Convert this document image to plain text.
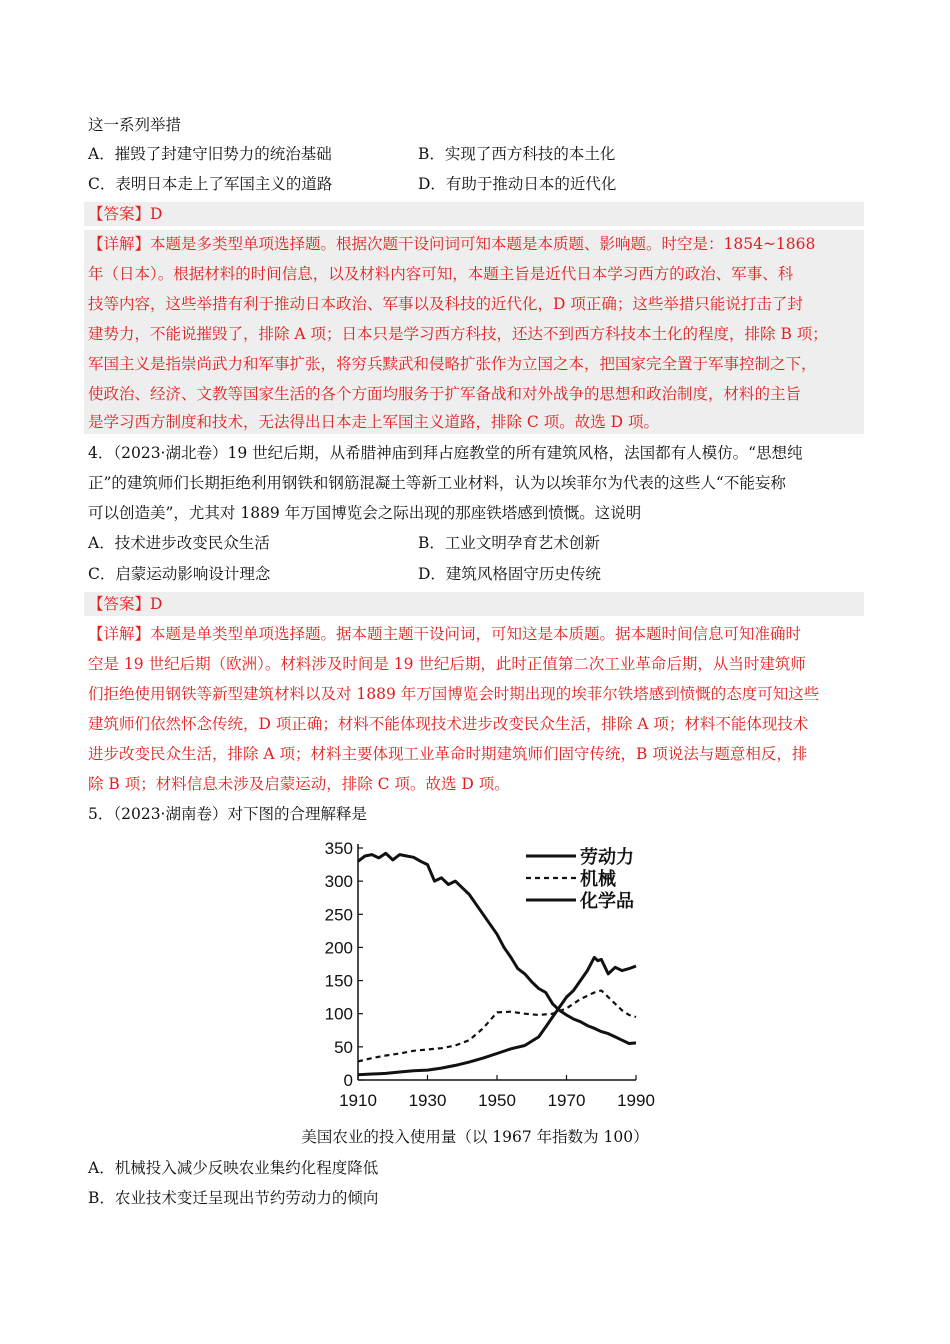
这一系列举措
A．摧毁了封建守旧势力的统治基础	B．实现了西方科技的本土化
C．表明日本走上了军国主义的道路	D．有助于推动日本的近代化
【答案】D
【详解】本题是多类型单项选择题。根据次题干设问词可知本题是本质题、影响题。时空是：1854~1868
年（日本）。根据材料的时间信息，以及材料内容可知，本题主旨是近代日本学习西方的政治、军事、科
技等内容，这些举措有利于推动日本政治、军事以及科技的近代化，D 项正确；这些举措只能说打击了封
建势力，不能说摧毁了，排除 A 项；日本只是学习西方科技，还达不到西方科技本土化的程度，排除 B 项；
军国主义是指崇尚武力和军事扩张，将穷兵黩武和侵略扩张作为立国之本，把国家完全置于军事控制之下，
使政治、经济、文教等国家生活的各个方面均服务于扩军备战和对外战争的思想和政治制度，材料的主旨
是学习西方制度和技术，无法得出日本走上军国主义道路，排除 C 项。故选 D 项。
4．（2023·湖北卷）19 世纪后期，从希腊神庙到拜占庭教堂的所有建筑风格，法国都有人模仿。“思想纯
正”的建筑师们长期拒绝利用钢铁和钢筋混凝土等新工业材料，认为以埃菲尔为代表的这些人“不能妄称
可以创造美”，尤其对 1889 年万国博览会之际出现的那座铁塔感到愤慨。这说明
A．技术进步改变民众生活	B．工业文明孕育艺术创新
C．启蒙运动影响设计理念	D．建筑风格固守历史传统
【答案】D
【详解】本题是单类型单项选择题。据本题主题干设问词，可知这是本质题。据本题时间信息可知准确时
空是 19 世纪后期（欧洲）。材料涉及时间是 19 世纪后期，此时正值第二次工业革命后期，从当时建筑师
们拒绝使用钢铁等新型建筑材料以及对 1889 年万国博览会时期出现的埃菲尔铁塔感到愤慨的态度可知这些
建筑师们依然怀念传统，D 项正确；材料不能体现技术进步改变民众生活，排除 A 项；材料不能体现技术
进步改变民众生活，排除 A 项；材料主要体现工业革命时期建筑师们固守传统，B 项说法与题意相反，排
除 B 项；材料信息未涉及启蒙运动，排除 C 项。故选 D 项。
5．（2023·湖南卷）对下图的合理解释是
0
50
100
150
200
250
300
350
1910 1930 1950 1970 1990
劳动力
机械
化学品
美国农业的投入使用量（以 1967 年指数为 100）
A．机械投入减少反映农业集约化程度降低
B．农业技术变迁呈现出节约劳动力的倾向
